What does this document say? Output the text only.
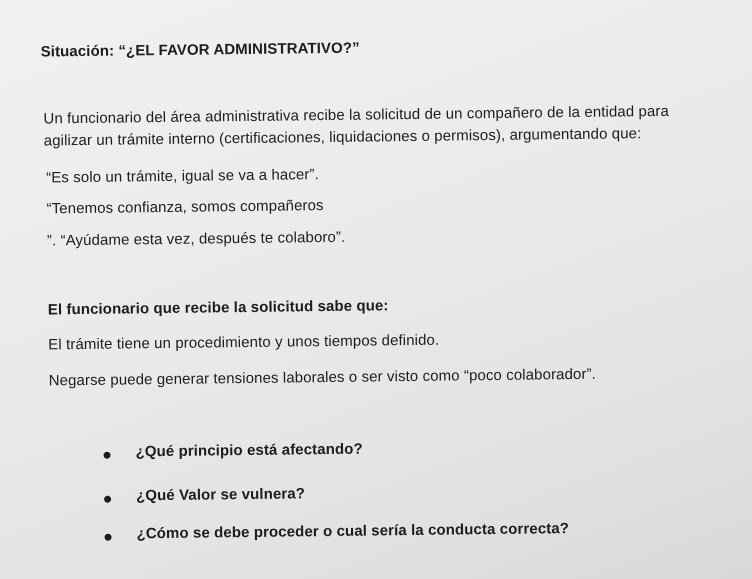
Situación: “¿EL FAVOR ADMINISTRATIVO?”
Un funcionario del área administrativa recibe la solicitud de un compañero de la entidad para
agilizar un trámite interno (certificaciones, liquidaciones o permisos), argumentando que:
“Es solo un trámite, igual se va a hacer”.
“Tenemos confianza, somos compañeros
”. “Ayúdame esta vez, después te colaboro”.
El funcionario que recibe la solicitud sabe que:
El trámite tiene un procedimiento y unos tiempos definido.
Negarse puede generar tensiones laborales o ser visto como “poco colaborador”.
¿Qué principio está afectando?
¿Qué Valor se vulnera?
¿Cómo se debe proceder o cual sería la conducta correcta?
